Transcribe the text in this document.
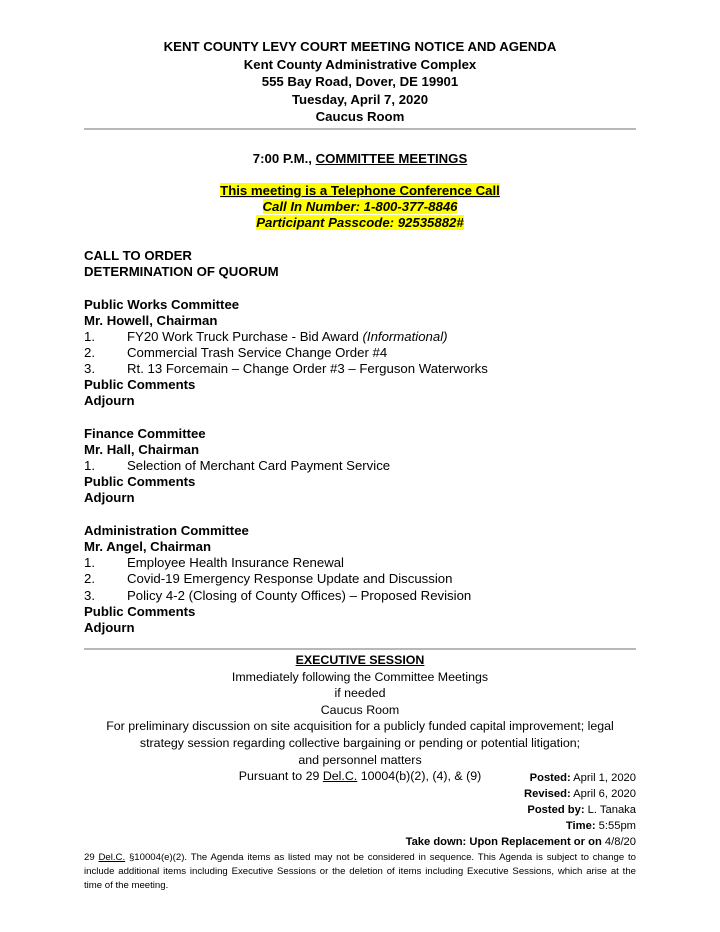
KENT COUNTY LEVY COURT MEETING NOTICE AND AGENDA
Kent County Administrative Complex
555 Bay Road, Dover, DE 19901
Tuesday, April 7, 2020
Caucus Room
7:00 P.M., COMMITTEE MEETINGS
This meeting is a Telephone Conference Call
Call In Number: 1-800-377-8846
Participant Passcode: 92535882#
CALL TO ORDER
DETERMINATION OF QUORUM
Public Works Committee
Mr. Howell, Chairman
1. FY20 Work Truck Purchase - Bid Award (Informational)
2. Commercial Trash Service Change Order #4
3. Rt. 13 Forcemain – Change Order #3 – Ferguson Waterworks
Public Comments
Adjourn
Finance Committee
Mr. Hall, Chairman
1. Selection of Merchant Card Payment Service
Public Comments
Adjourn
Administration Committee
Mr. Angel, Chairman
1. Employee Health Insurance Renewal
2. Covid-19 Emergency Response Update and Discussion
3. Policy 4-2 (Closing of County Offices) – Proposed Revision
Public Comments
Adjourn
EXECUTIVE SESSION
Immediately following the Committee Meetings
if needed
Caucus Room
For preliminary discussion on site acquisition for a publicly funded capital improvement; legal
strategy session regarding collective bargaining or pending or potential litigation;
and personnel matters
Pursuant to 29 Del.C. 10004(b)(2), (4), & (9)	Posted: April 1, 2020
Revised: April 6, 2020
Posted by: L. Tanaka
Time: 5:55pm
Take down: Upon Replacement or on 4/8/20
29 Del.C. §10004(e)(2). The Agenda items as listed may not be considered in sequence. This Agenda is subject to change to include additional items including Executive Sessions or the deletion of items including Executive Sessions, which arise at the time of the meeting.
